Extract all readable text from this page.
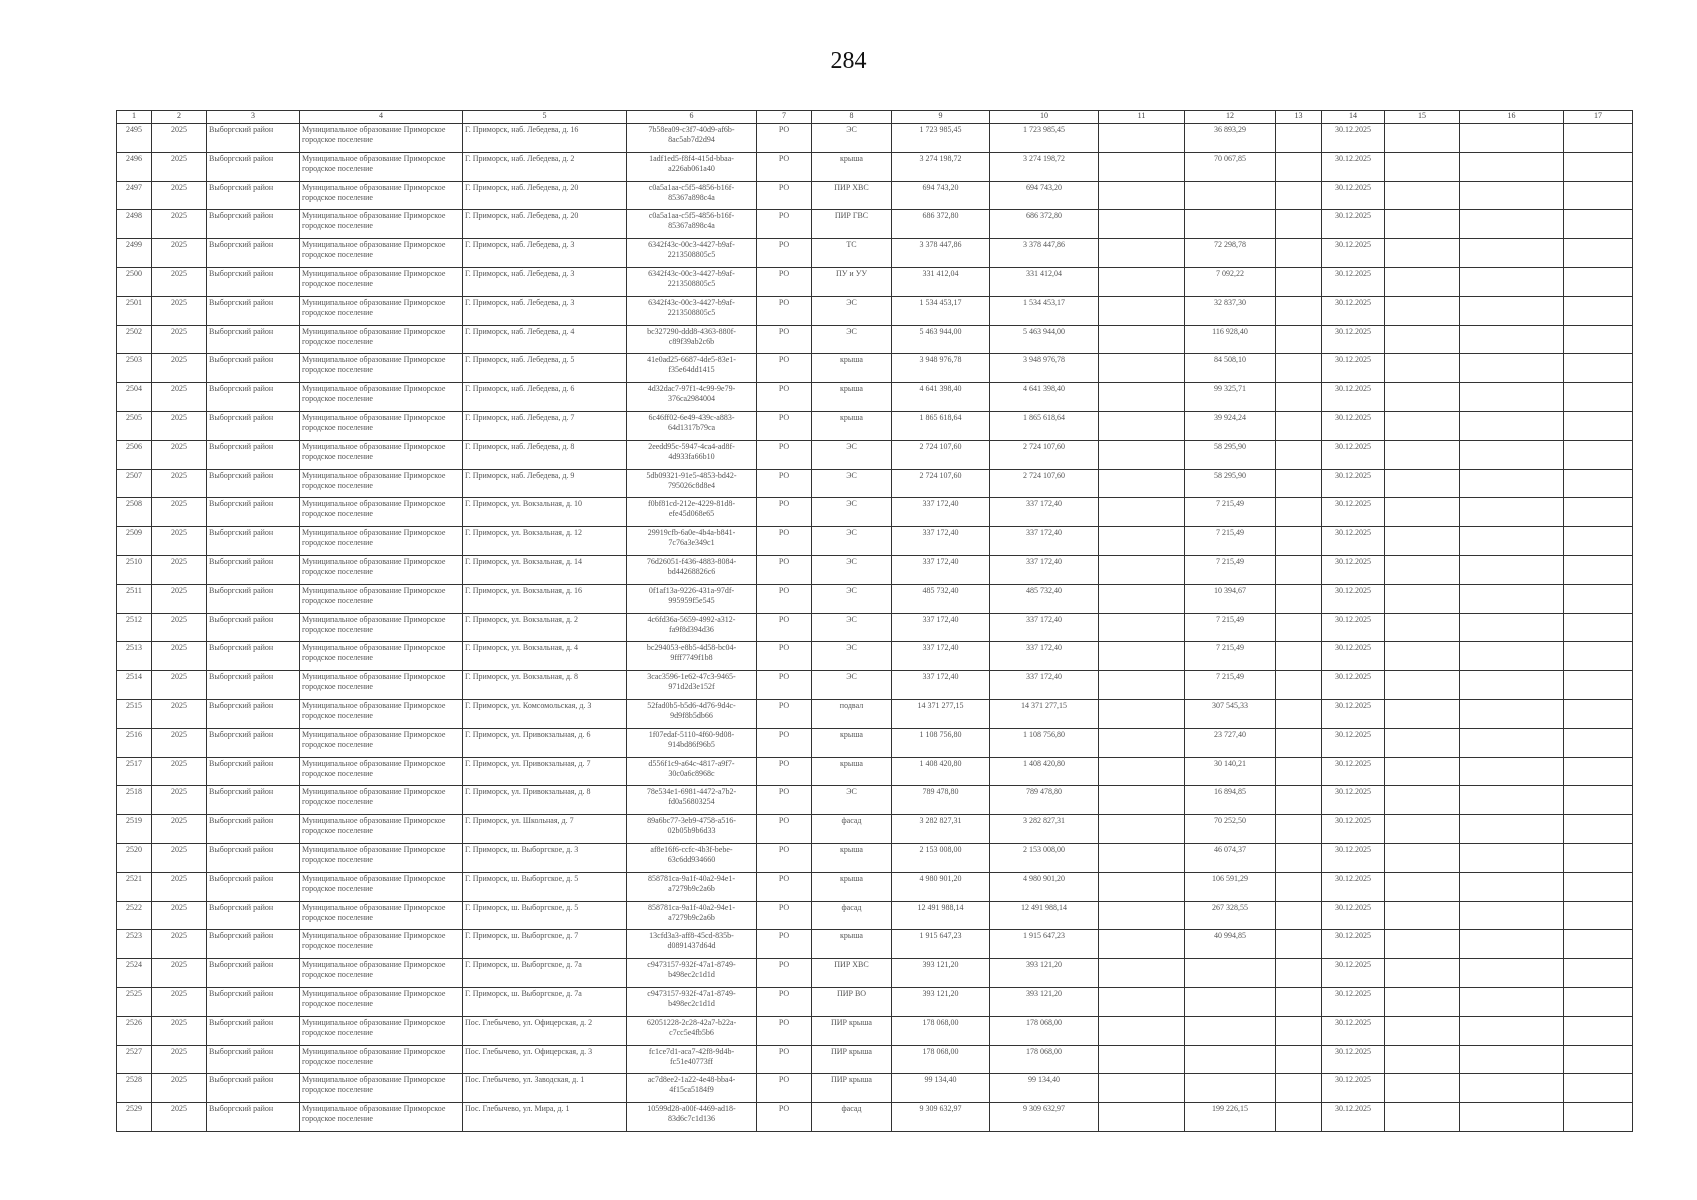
284
1	2	3	4	5	6	7	8	9	10	11	12	13	14	15	16	17
2495	2025	Выборгский район	Муниципальное образование Приморское городское поселение	Г. Приморск, наб. Лебедева, д. 16	7b58ea09-c3f7-40d9-af6b-8ac5ab7d2d94	РО	ЭС	1 723 985,45	1 723 985,45		36 893,29		30.12.2025			
2496	2025	Выборгский район	Муниципальное образование Приморское городское поселение	Г. Приморск, наб. Лебедева, д. 2	1adf1ed5-f8f4-415d-bbaa-a226ab061a40	РО	крыша	3 274 198,72	3 274 198,72		70 067,85		30.12.2025			
2497	2025	Выборгский район	Муниципальное образование Приморское городское поселение	Г. Приморск, наб. Лебедева, д. 20	c0a5a1aa-c5f5-4856-b16f-85367a898c4a	РО	ПИР ХВС	694 743,20	694 743,20				30.12.2025			
2498	2025	Выборгский район	Муниципальное образование Приморское городское поселение	Г. Приморск, наб. Лебедева, д. 20	c0a5a1aa-c5f5-4856-b16f-85367a898c4a	РО	ПИР ГВС	686 372,80	686 372,80				30.12.2025			
2499	2025	Выборгский район	Муниципальное образование Приморское городское поселение	Г. Приморск, наб. Лебедева, д. 3	6342f43c-00c3-4427-b9af-2213508805c5	РО	ТС	3 378 447,86	3 378 447,86		72 298,78		30.12.2025			
2500	2025	Выборгский район	Муниципальное образование Приморское городское поселение	Г. Приморск, наб. Лебедева, д. 3	6342f43c-00c3-4427-b9af-2213508805c5	РО	ПУ и УУ	331 412,04	331 412,04		7 092,22		30.12.2025			
2501	2025	Выборгский район	Муниципальное образование Приморское городское поселение	Г. Приморск, наб. Лебедева, д. 3	6342f43c-00c3-4427-b9af-2213508805c5	РО	ЭС	1 534 453,17	1 534 453,17		32 837,30		30.12.2025			
2502	2025	Выборгский район	Муниципальное образование Приморское городское поселение	Г. Приморск, наб. Лебедева, д. 4	bc327290-ddd8-4363-880f-c89f39ab2c6b	РО	ЭС	5 463 944,00	5 463 944,00		116 928,40		30.12.2025			
2503	2025	Выборгский район	Муниципальное образование Приморское городское поселение	Г. Приморск, наб. Лебедева, д. 5	41e0ad25-6687-4de5-83e1-f35e64dd1415	РО	крыша	3 948 976,78	3 948 976,78		84 508,10		30.12.2025			
2504	2025	Выборгский район	Муниципальное образование Приморское городское поселение	Г. Приморск, наб. Лебедева, д. 6	4d32dac7-97f1-4c99-9e79-376ca2984004	РО	крыша	4 641 398,40	4 641 398,40		99 325,71		30.12.2025			
2505	2025	Выборгский район	Муниципальное образование Приморское городское поселение	Г. Приморск, наб. Лебедева, д. 7	6c46ff02-6e49-439c-a883-64d1317b79ca	РО	крыша	1 865 618,64	1 865 618,64		39 924,24		30.12.2025			
2506	2025	Выборгский район	Муниципальное образование Приморское городское поселение	Г. Приморск, наб. Лебедева, д. 8	2eedd95c-5947-4ca4-ad8f-4d933fa66b10	РО	ЭС	2 724 107,60	2 724 107,60		58 295,90		30.12.2025			
2507	2025	Выборгский район	Муниципальное образование Приморское городское поселение	Г. Приморск, наб. Лебедева, д. 9	5db09321-91e5-4853-bd42-795026c8d8e4	РО	ЭС	2 724 107,60	2 724 107,60		58 295,90		30.12.2025			
2508	2025	Выборгский район	Муниципальное образование Приморское городское поселение	Г. Приморск, ул. Вокзальная, д. 10	f0bf81cd-212e-4229-81d8-efe45d068e65	РО	ЭС	337 172,40	337 172,40		7 215,49		30.12.2025			
2509	2025	Выборгский район	Муниципальное образование Приморское городское поселение	Г. Приморск, ул. Вокзальная, д. 12	29919cfb-6a0e-4b4a-b841-7c76a3e349c1	РО	ЭС	337 172,40	337 172,40		7 215,49		30.12.2025			
2510	2025	Выборгский район	Муниципальное образование Приморское городское поселение	Г. Приморск, ул. Вокзальная, д. 14	76d26051-f436-4883-8084-bd44268826c6	РО	ЭС	337 172,40	337 172,40		7 215,49		30.12.2025			
2511	2025	Выборгский район	Муниципальное образование Приморское городское поселение	Г. Приморск, ул. Вокзальная, д. 16	0f1af13a-9226-431a-97df-995959f5e545	РО	ЭС	485 732,40	485 732,40		10 394,67		30.12.2025			
2512	2025	Выборгский район	Муниципальное образование Приморское городское поселение	Г. Приморск, ул. Вокзальная, д. 2	4c6fd36a-5659-4992-a312-fa9f8d394d36	РО	ЭС	337 172,40	337 172,40		7 215,49		30.12.2025			
2513	2025	Выборгский район	Муниципальное образование Приморское городское поселение	Г. Приморск, ул. Вокзальная, д. 4	bc294053-e8b5-4d58-bc04-9fff7749f1b8	РО	ЭС	337 172,40	337 172,40		7 215,49		30.12.2025			
2514	2025	Выборгский район	Муниципальное образование Приморское городское поселение	Г. Приморск, ул. Вокзальная, д. 8	3cac3596-1e62-47c3-9465-971d2d3e152f	РО	ЭС	337 172,40	337 172,40		7 215,49		30.12.2025			
2515	2025	Выборгский район	Муниципальное образование Приморское городское поселение	Г. Приморск, ул. Комсомольская, д. 3	52fad0b5-b5d6-4d76-9d4c-9d9f8b5db66	РО	подвал	14 371 277,15	14 371 277,15		307 545,33		30.12.2025			
2516	2025	Выборгский район	Муниципальное образование Приморское городское поселение	Г. Приморск, ул. Привокзальная, д. 6	1f07edaf-5110-4f60-9d08-914bd86f96b5	РО	крыша	1 108 756,80	1 108 756,80		23 727,40		30.12.2025			
2517	2025	Выборгский район	Муниципальное образование Приморское городское поселение	Г. Приморск, ул. Привокзальная, д. 7	d556f1c9-a64c-4817-a9f7-30c0a6c8968c	РО	крыша	1 408 420,80	1 408 420,80		30 140,21		30.12.2025			
2518	2025	Выборгский район	Муниципальное образование Приморское городское поселение	Г. Приморск, ул. Привокзальная, д. 8	78e534e1-6981-4472-a7b2-fd0a56803254	РО	ЭС	789 478,80	789 478,80		16 894,85		30.12.2025			
2519	2025	Выборгский район	Муниципальное образование Приморское городское поселение	Г. Приморск, ул. Школьная, д. 7	89a6bc77-3eb9-4758-a516-02b05b9b6d33	РО	фасад	3 282 827,31	3 282 827,31		70 252,50		30.12.2025			
2520	2025	Выборгский район	Муниципальное образование Приморское городское поселение	Г. Приморск, ш. Выборгское, д. 3	af8e16f6-ccfc-4b3f-bebe-63c6dd934660	РО	крыша	2 153 008,00	2 153 008,00		46 074,37		30.12.2025			
2521	2025	Выборгский район	Муниципальное образование Приморское городское поселение	Г. Приморск, ш. Выборгское, д. 5	858781ca-9a1f-40a2-94e1-a7279b9c2a6b	РО	крыша	4 980 901,20	4 980 901,20		106 591,29		30.12.2025			
2522	2025	Выборгский район	Муниципальное образование Приморское городское поселение	Г. Приморск, ш. Выборгское, д. 5	858781ca-9a1f-40a2-94e1-a7279b9c2a6b	РО	фасад	12 491 988,14	12 491 988,14		267 328,55		30.12.2025			
2523	2025	Выборгский район	Муниципальное образование Приморское городское поселение	Г. Приморск, ш. Выборгское, д. 7	13cfd3a3-aff8-45cd-835b-d0891437d64d	РО	крыша	1 915 647,23	1 915 647,23		40 994,85		30.12.2025			
2524	2025	Выборгский район	Муниципальное образование Приморское городское поселение	Г. Приморск, ш. Выборгское, д. 7а	c9473157-932f-47a1-8749-b498ec2c1d1d	РО	ПИР ХВС	393 121,20	393 121,20				30.12.2025			
2525	2025	Выборгский район	Муниципальное образование Приморское городское поселение	Г. Приморск, ш. Выборгское, д. 7а	c9473157-932f-47a1-8749-b498ec2c1d1d	РО	ПИР ВО	393 121,20	393 121,20				30.12.2025			
2526	2025	Выборгский район	Муниципальное образование Приморское городское поселение	Пос. Глебычево, ул. Офицерская, д. 2	62051228-2c28-42a7-b22a-c7cc5e4fb5b6	РО	ПИР крыша	178 068,00	178 068,00				30.12.2025			
2527	2025	Выборгский район	Муниципальное образование Приморское городское поселение	Пос. Глебычево, ул. Офицерская, д. 3	fc1ce7d1-aca7-42f8-9d4b-fc51e40773ff	РО	ПИР крыша	178 068,00	178 068,00				30.12.2025			
2528	2025	Выборгский район	Муниципальное образование Приморское городское поселение	Пос. Глебычево, ул. Заводская, д. 1	ac7d8ee2-1a22-4e48-bba4-4f15ca5184f9	РО	ПИР крыша	99 134,40	99 134,40				30.12.2025			
2529	2025	Выборгский район	Муниципальное образование Приморское городское поселение	Пос. Глебычево, ул. Мира, д. 1	10599d28-a00f-4469-ad18-83d6c7c1d136	РО	фасад	9 309 632,97	9 309 632,97		199 226,15		30.12.2025			
